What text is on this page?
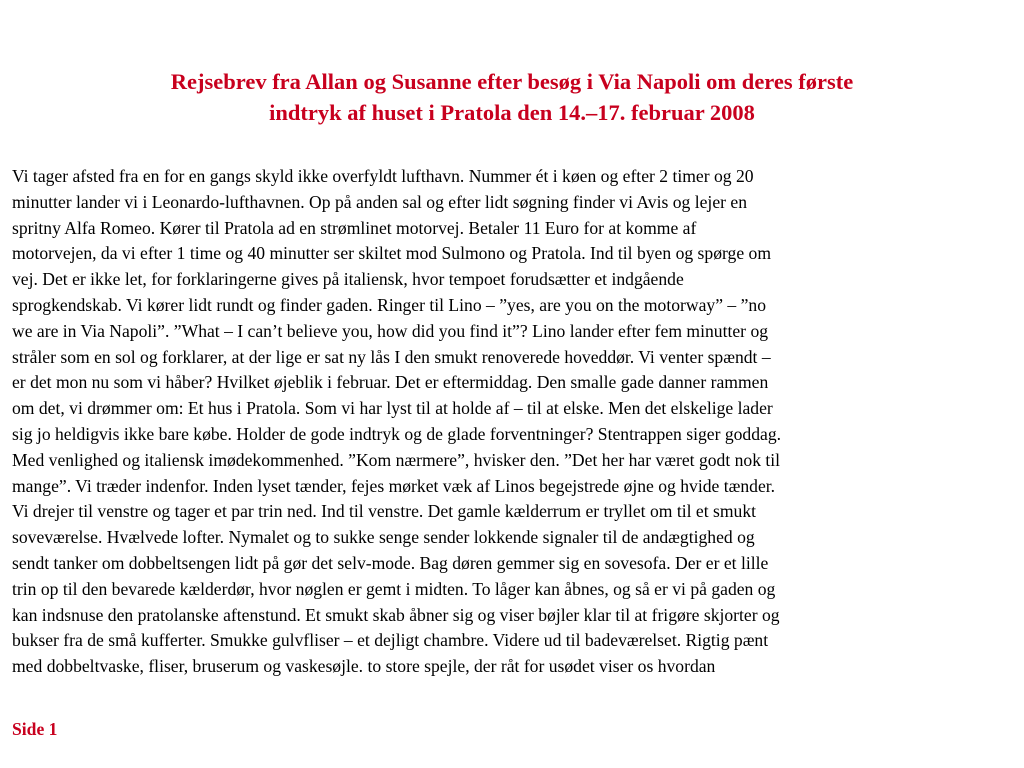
Rejsebrev fra Allan og Susanne efter besøg i Via Napoli om deres første
indtryk af huset i Pratola den 14.–17. februar 2008
Vi tager afsted fra en for en gangs skyld ikke overfyldt lufthavn. Nummer ét i køen og efter 2 timer og 20
minutter lander vi i Leonardo-lufthavnen. Op på anden sal og efter lidt søgning finder vi Avis og lejer en
spritny Alfa Romeo. Kører til Pratola ad en strømlinet motorvej. Betaler 11 Euro for at komme af
motorvejen, da vi efter 1 time og 40 minutter ser skiltet mod Sulmono og Pratola. Ind til byen og spørge om
vej. Det er ikke let, for forklaringerne gives på italiensk, hvor tempoet forudsætter et indgående
sprogkendskab. Vi kører lidt rundt og finder gaden. Ringer til Lino – ”yes, are you on the motorway” – ”no
we are in Via Napoli”. ”What – I can’t believe you, how did you find it”? Lino lander efter fem minutter og
stråler som en sol og forklarer, at der lige er sat ny lås I den smukt renoverede hoveddør. Vi venter spændt –
er det mon nu som vi håber? Hvilket øjeblik i februar. Det er eftermiddag. Den smalle gade danner rammen
om det, vi drømmer om: Et hus i Pratola. Som vi har lyst til at holde af – til at elske. Men det elskelige lader
sig jo heldigvis ikke bare købe. Holder de gode indtryk og de glade forventninger? Stentrappen siger goddag.
Med venlighed og italiensk imødekommenhed. ”Kom nærmere”, hvisker den. ”Det her har været godt nok til
mange”. Vi træder indenfor. Inden lyset tænder, fejes mørket væk af Linos begejstrede øjne og hvide tænder.
Vi drejer til venstre og tager et par trin ned. Ind til venstre. Det gamle kælderrum er tryllet om til et smukt
soveværelse. Hvælvede lofter. Nymalet og to sukke senge sender lokkende signaler til de andægtighed og
sendt tanker om dobbeltsengen lidt på gør det selv-mode. Bag døren gemmer sig en sovesofa. Der er et lille
trin op til den bevarede kælderdør, hvor nøglen er gemt i midten. To låger kan åbnes, og så er vi på gaden og
kan indsnuse den pratolanske aftenstund. Et smukt skab åbner sig og viser bøjler klar til at frigøre skjorter og
bukser fra de små kufferter. Smukke gulvfliser – et dejligt chambre. Videre ud til badeværelset. Rigtig pænt
med dobbeltvaske, fliser, bruserum og vaskesøjle. to store spejle, der råt for usødet viser os hvordan
Side 1
